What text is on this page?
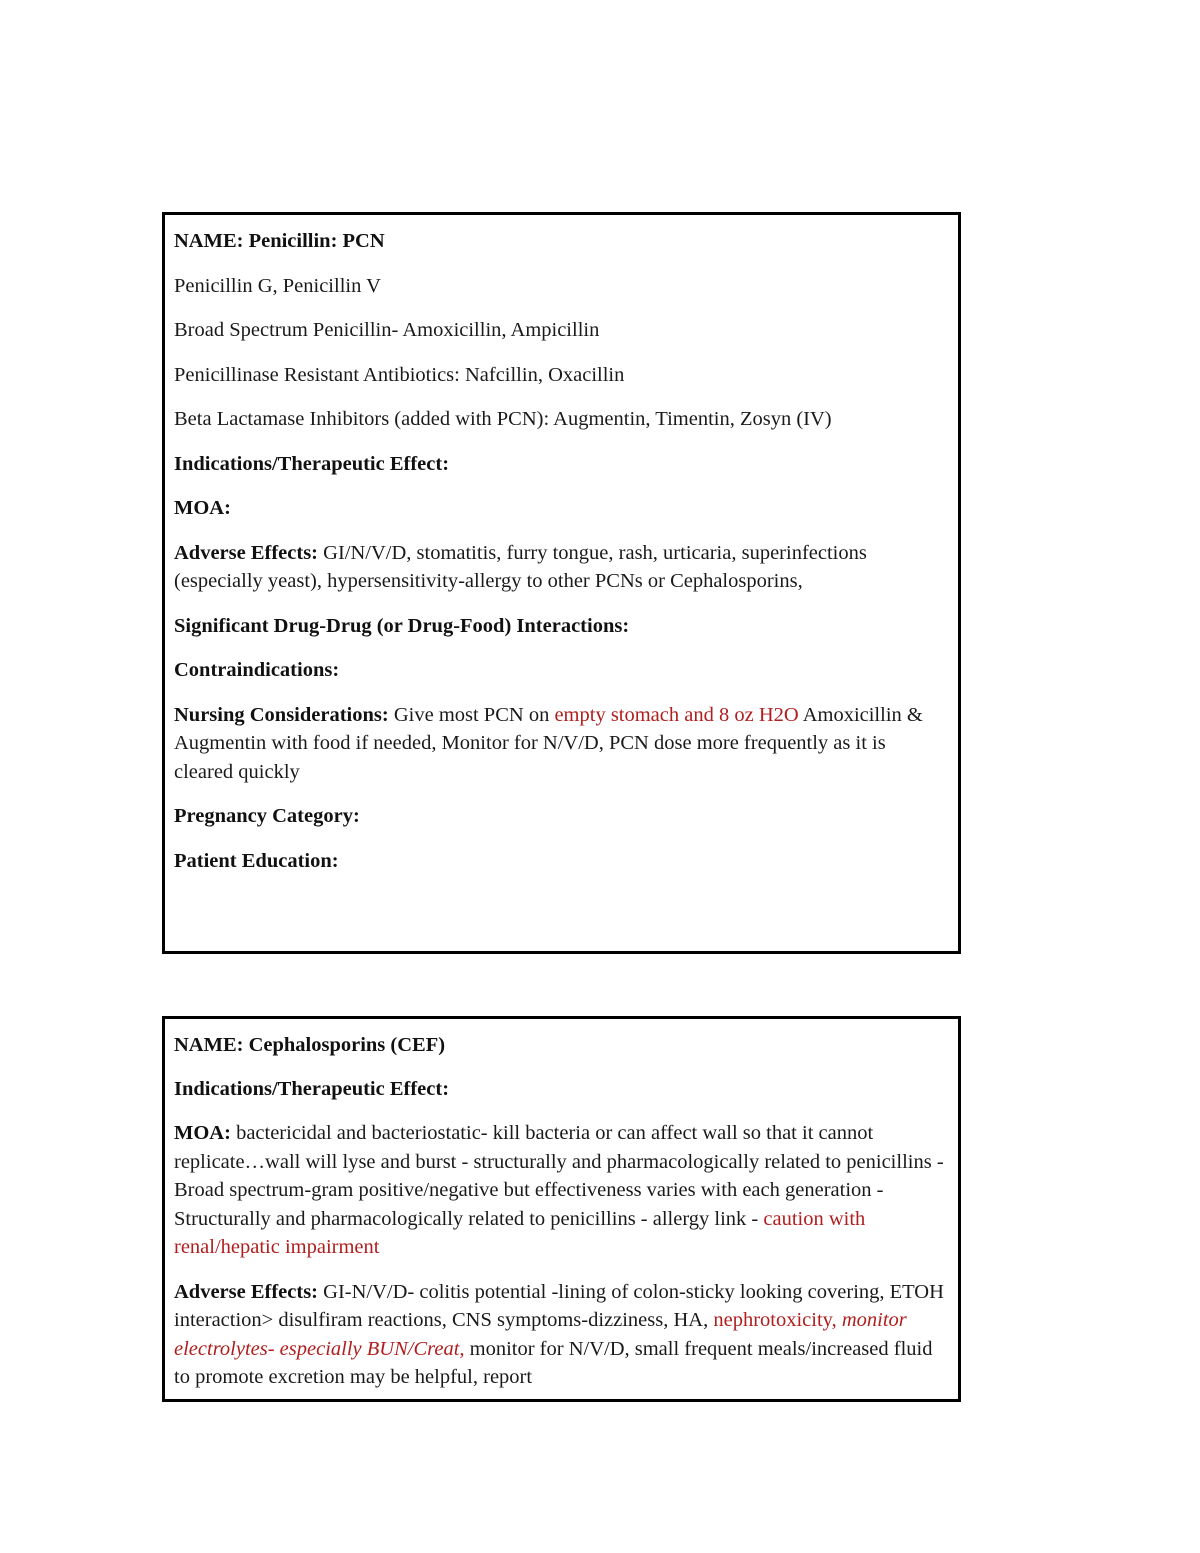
NAME: Penicillin: PCN
Penicillin G, Penicillin V
Broad Spectrum Penicillin- Amoxicillin, Ampicillin
Penicillinase Resistant Antibiotics: Nafcillin, Oxacillin
Beta Lactamase Inhibitors (added with PCN): Augmentin, Timentin, Zosyn (IV)
Indications/Therapeutic Effect:
MOA:
Adverse Effects: GI/N/V/D, stomatitis, furry tongue, rash, urticaria, superinfections (especially yeast), hypersensitivity-allergy to other PCNs or Cephalosporins,
Significant Drug-Drug (or Drug-Food) Interactions:
Contraindications:
Nursing Considerations: Give most PCN on empty stomach and 8 oz H2O Amoxicillin & Augmentin with food if needed, Monitor for N/V/D, PCN dose more frequently as it is cleared quickly
Pregnancy Category:
Patient Education:
NAME: Cephalosporins (CEF)
Indications/Therapeutic Effect:
MOA: bactericidal and bacteriostatic- kill bacteria or can affect wall so that it cannot replicate…wall will lyse and burst - structurally and pharmacologically related to penicillins - Broad spectrum-gram positive/negative but effectiveness varies with each generation - Structurally and pharmacologically related to penicillins - allergy link - caution with renal/hepatic impairment
Adverse Effects: GI-N/V/D- colitis potential -lining of colon-sticky looking covering, ETOH interaction> disulfiram reactions, CNS symptoms-dizziness, HA, nephrotoxicity, monitor electrolytes- especially BUN/Creat, monitor for N/V/D, small frequent meals/increased fluid to promote excretion may be helpful, report
